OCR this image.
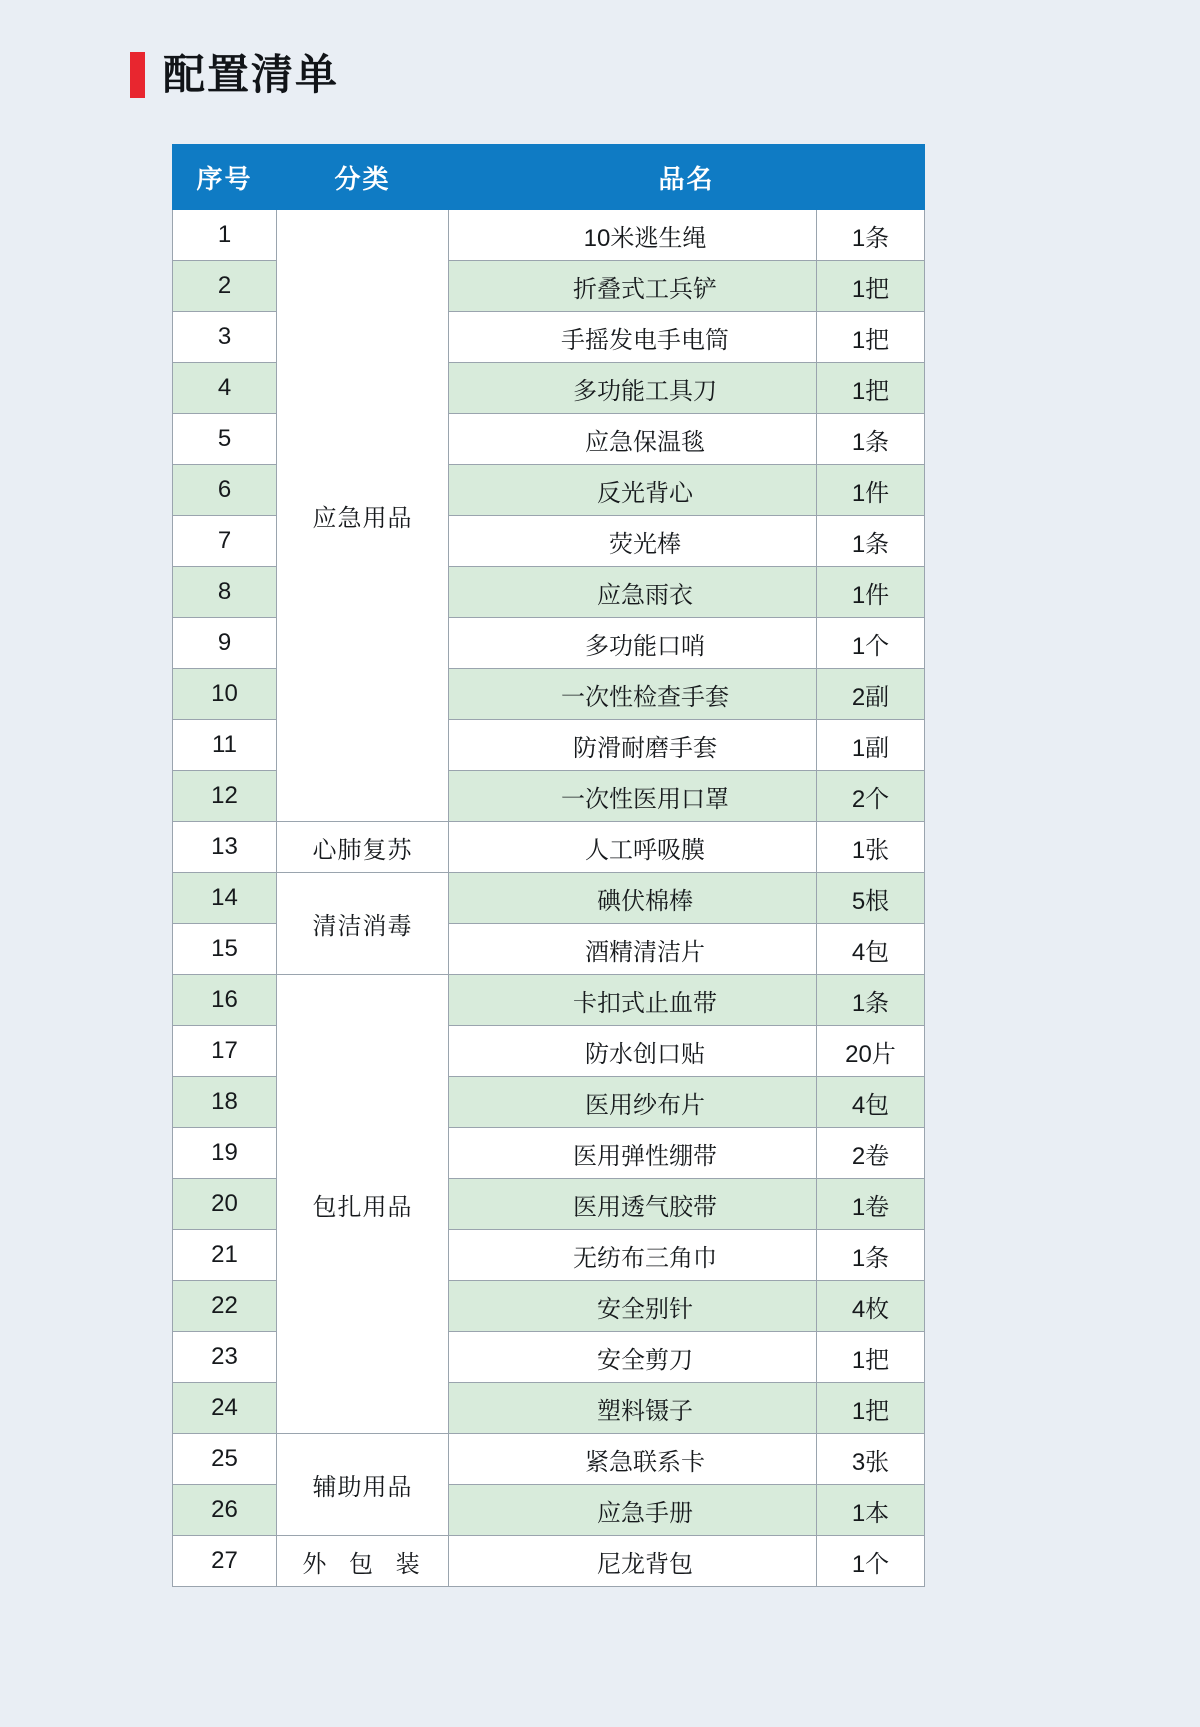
配置清单
序号	分类	品名	
1	应急用品	10米逃生绳	1条
2		折叠式工兵铲	1把
3		手摇发电手电筒	1把
4		多功能工具刀	1把
5		应急保温毯	1条
6		反光背心	1件
7		荧光棒	1条
8		应急雨衣	1件
9		多功能口哨	1个
10		一次性检查手套	2副
11		防滑耐磨手套	1副
12		一次性医用口罩	2个
13	心肺复苏	人工呼吸膜	1张
14	清洁消毒	碘伏棉棒	5根
15		酒精清洁片	4包
16	包扎用品	卡扣式止血带	1条
17		防水创口贴	20片
18		医用纱布片	4包
19		医用弹性绷带	2卷
20		医用透气胶带	1卷
21		无纺布三角巾	1条
22		安全别针	4枚
23		安全剪刀	1把
24		塑料镊子	1把
25	辅助用品	紧急联系卡	3张
26		应急手册	1本
27	外 包 装	尼龙背包	1个
